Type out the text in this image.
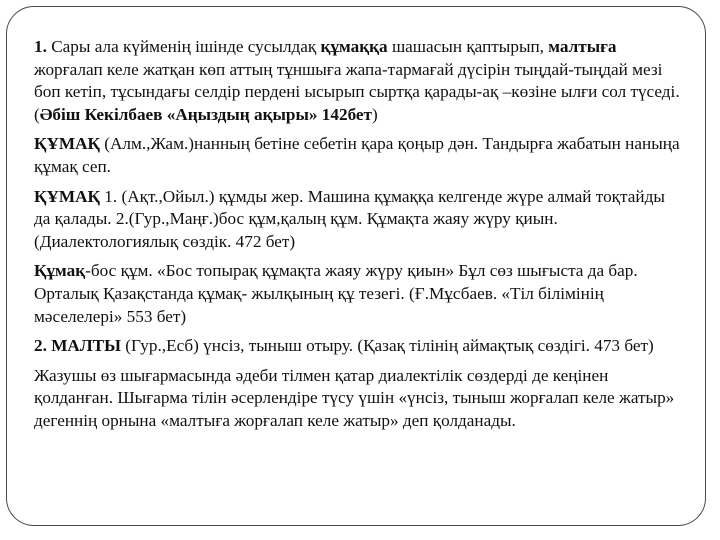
1. Сары ала күйменің ішінде сусылдақ құмаққа шашасын қаптырып, малтыға жорғалап келе жатқан көп аттың тұншыға жапа-тармағай дүсірін тыңдай-тыңдай мезі боп кетіп, тұсындағы селдір пердені ысырып сыртқа қарады-ақ –көзіне ылғи сол түседі. (Әбіш Кекілбаев «Аңыздың ақыры» 142бет)

ҚҰМАҚ (Алм.,Жам.)нанның бетіне себетін қара қоңыр дән. Тандырға жабатын наныңа құмақ сеп.

ҚҰМАҚ 1. (Ақт.,Ойыл.) құмды жер. Машина құмаққа келгенде жүре алмай тоқтайды да қалады. 2.(Гур.,Маңғ.)бос құм,қалың құм. Құмақта жаяу жүру қиын.(Диалектологиялық сөздік. 472 бет)

Құмақ-бос құм. «Бос топырақ құмақта жаяу жүру қиын» Бұл сөз шығыста да бар. Орталық Қазақстанда құмақ- жылқының құ тезегі. (Ғ.Мұсбаев. «Тіл білімінің мәселелері» 553 бет)

2. МАЛТЫ (Гур.,Есб) үнсіз, тыныш отыру. (Қазақ тілінің аймақтық сөздігі. 473 бет)

Жазушы өз шығармасында әдеби тілмен қатар диалектілік сөздерді де кеңінен қолданған. Шығарма тілін әсерлендіре түсу үшін «үнсіз, тыныш жорғалап келе жатыр» дегеннің орнына «малтыға жорғалап келе жатыр» деп қолданады.
